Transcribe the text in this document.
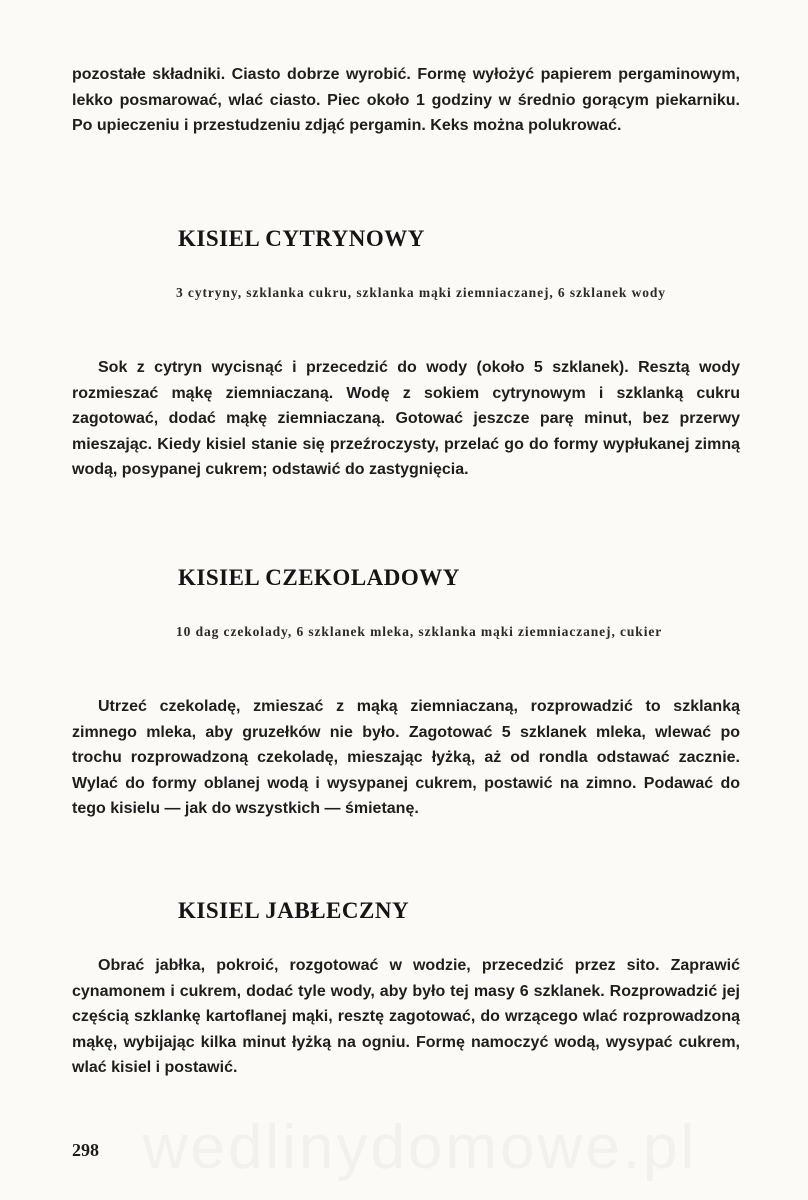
pozostałe składniki. Ciasto dobrze wyrobić. Formę wyłożyć papierem pergaminowym, lekko posmarować, wlać ciasto. Piec około 1 godziny w średnio gorącym piekarniku. Po upieczeniu i przestudzeniu zdjąć pergamin. Keks można polukrować.

KISIEL CYTRYNOWY

3 cytryny, szklanka cukru, szklanka mąki ziemniaczanej, 6 szklanek wody

Sok z cytryn wycisnąć i przecedzić do wody (około 5 szklanek). Resztą wody rozmieszać mąkę ziemniaczaną. Wodę z sokiem cytrynowym i szklanką cukru zagotować, dodać mąkę ziemniaczaną. Gotować jeszcze parę minut, bez przerwy mieszając. Kiedy kisiel stanie się przeźroczysty, przelać go do formy wypłukanej zimną wodą, posypanej cukrem; odstawić do zastygnięcia.

KISIEL CZEKOLADOWY

10 dag czekolady, 6 szklanek mleka, szklanka mąki ziemniaczanej, cukier

Utrzeć czekoladę, zmieszać z mąką ziemniaczaną, rozprowadzić to szklanką zimnego mleka, aby gruzełków nie było. Zagotować 5 szklanek mleka, wlewać po trochu rozprowadzoną czekoladę, mieszając łyżką, aż od rondla odstawać zacznie. Wylać do formy oblanej wodą i wysypanej cukrem, postawić na zimno. Podawać do tego kisielu — jak do wszystkich — śmietanę.

KISIEL JABŁECZNY

Obrać jabłka, pokroić, rozgotować w wodzie, przecedzić przez sito. Zaprawić cynamonem i cukrem, dodać tyle wody, aby było tej masy 6 szklanek. Rozprowadzić jej częścią szklankę kartoflanej mąki, resztę zagotować, do wrzącego wlać rozprowadzoną mąkę, wybijając kilka minut łyżką na ogniu. Formę namoczyć wodą, wysypać cukrem, wlać kisiel i postawić.

wedlinydomowe.pl
298
